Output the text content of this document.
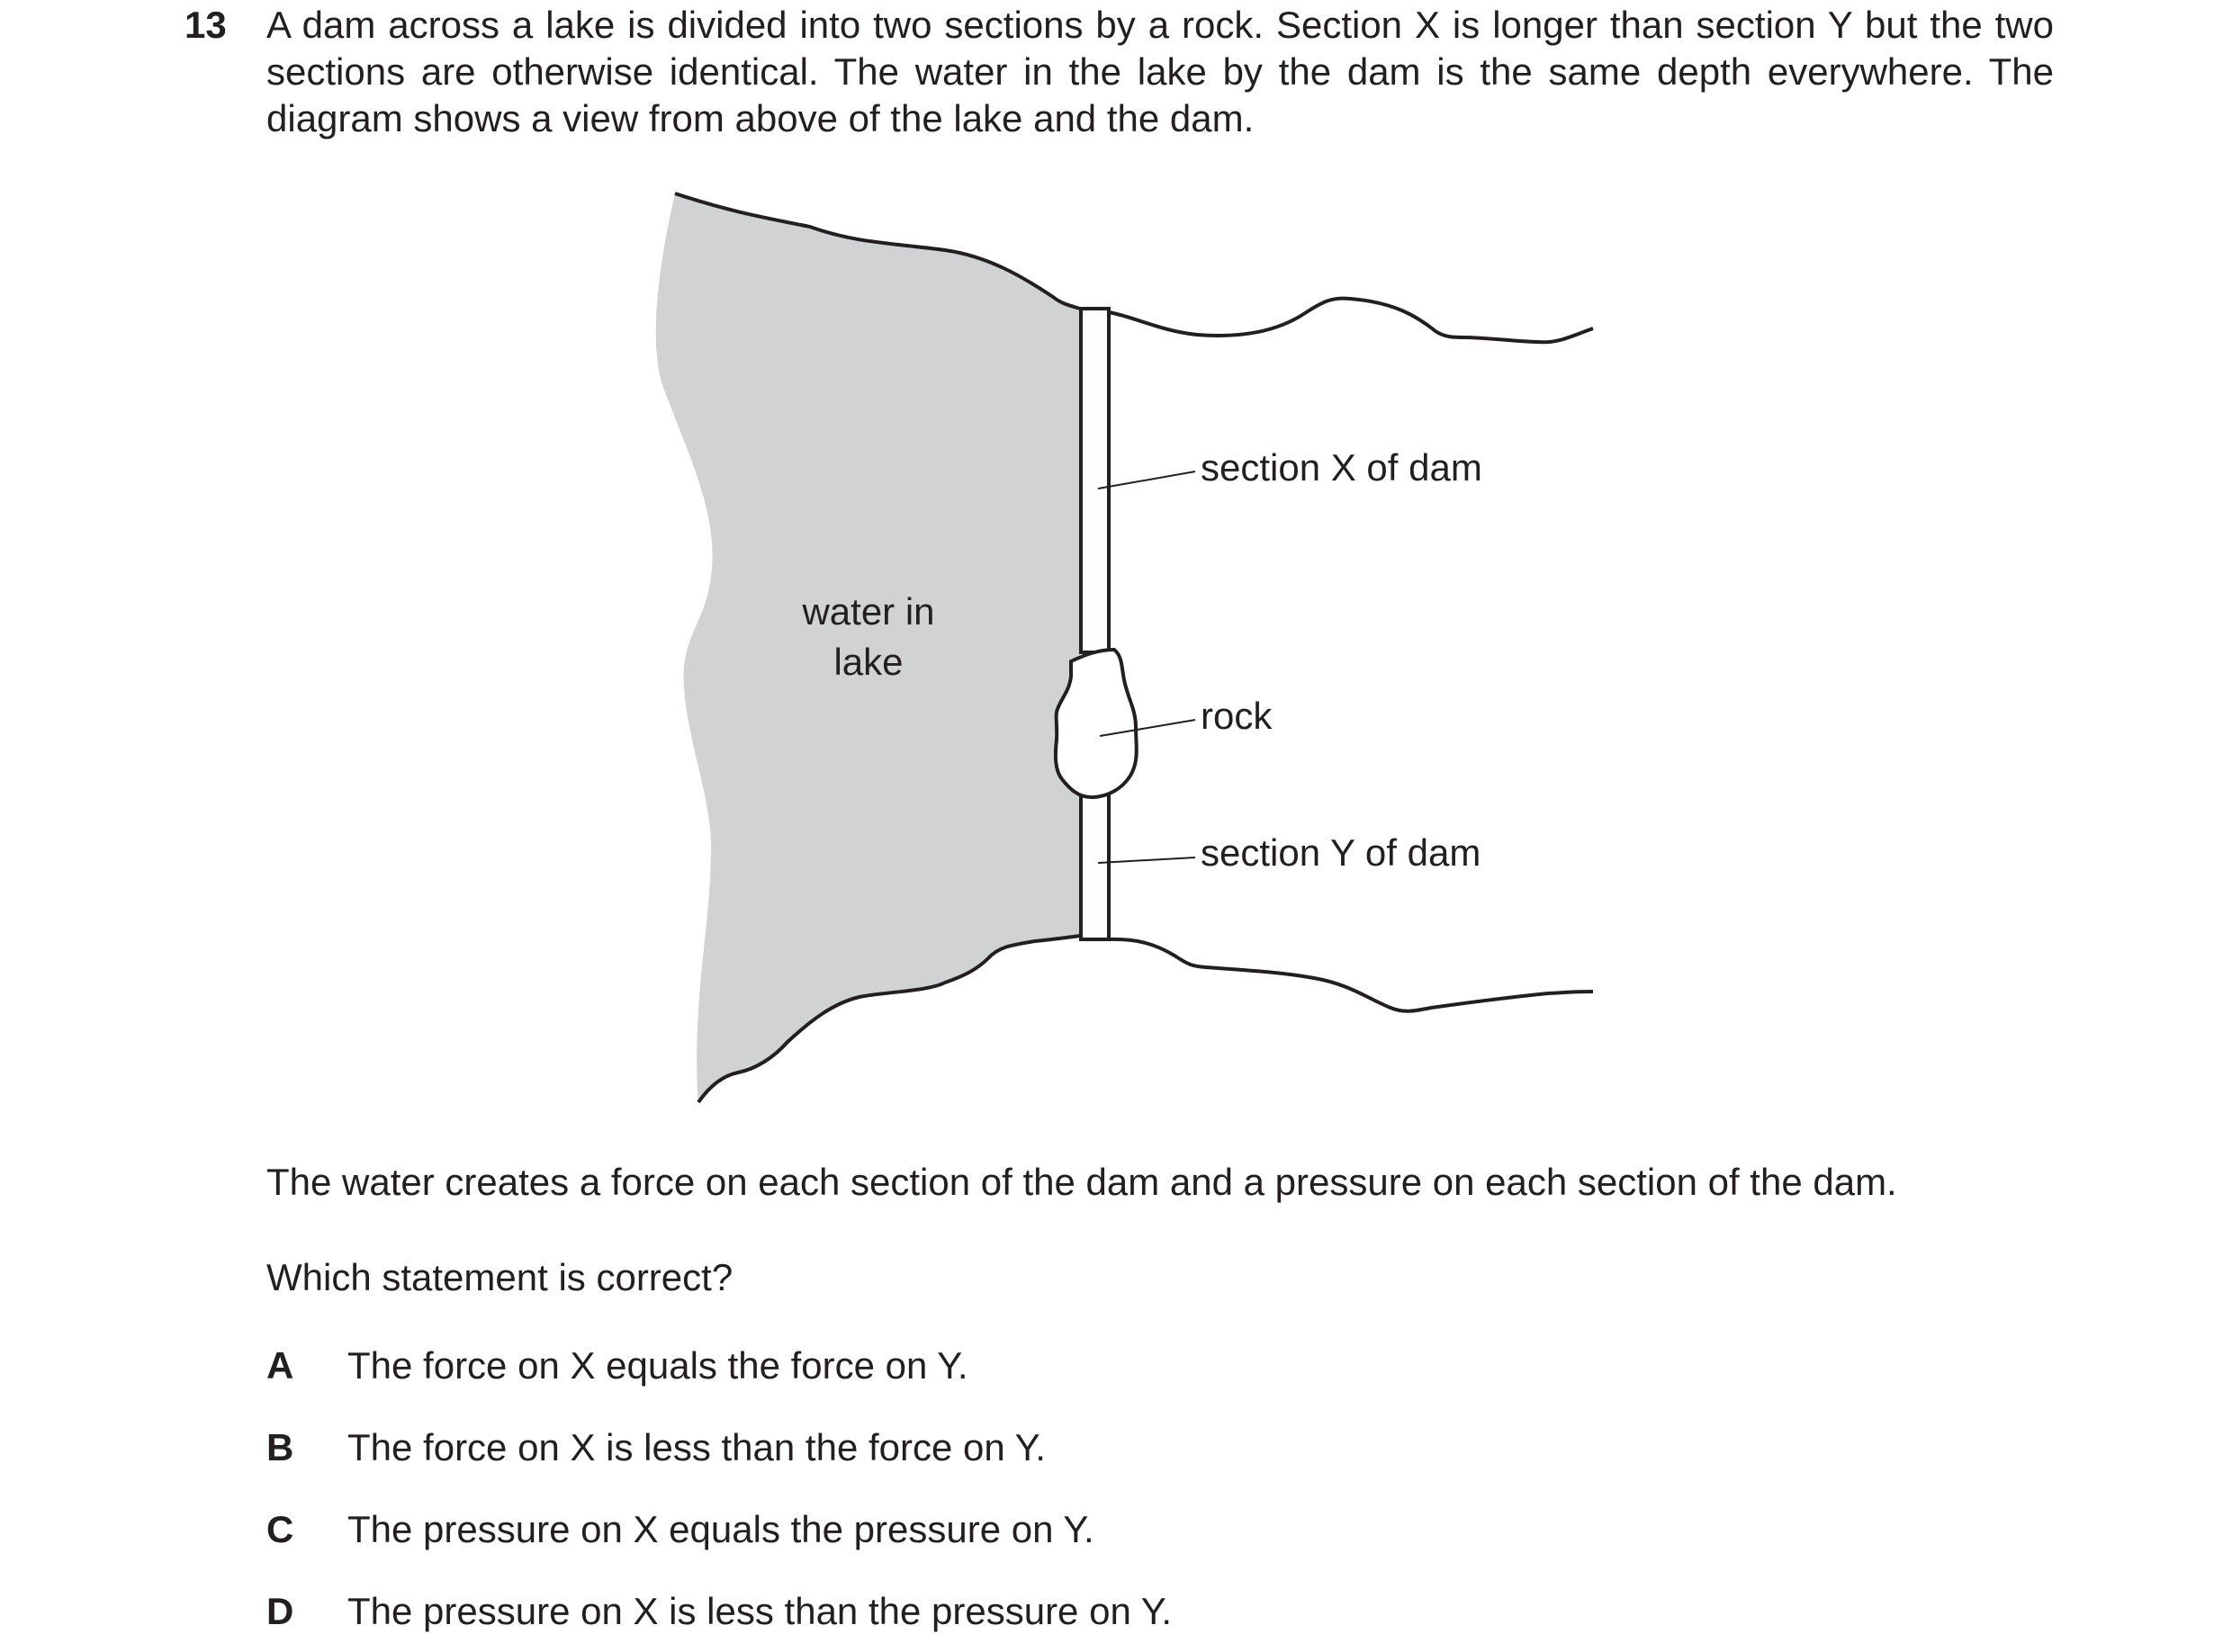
13 A dam across a lake is divided into two sections by a rock. Section X is longer than section Y but the two sections are otherwise identical. The water in the lake by the dam is the same depth everywhere. The diagram shows a view from above of the lake and the dam.
water in
lake
section X of dam
rock
section Y of dam
The water creates a force on each section of the dam and a pressure on each section of the dam.
Which statement is correct?
A The force on X equals the force on Y.
B The force on X is less than the force on Y.
C The pressure on X equals the pressure on Y.
D The pressure on X is less than the pressure on Y.
